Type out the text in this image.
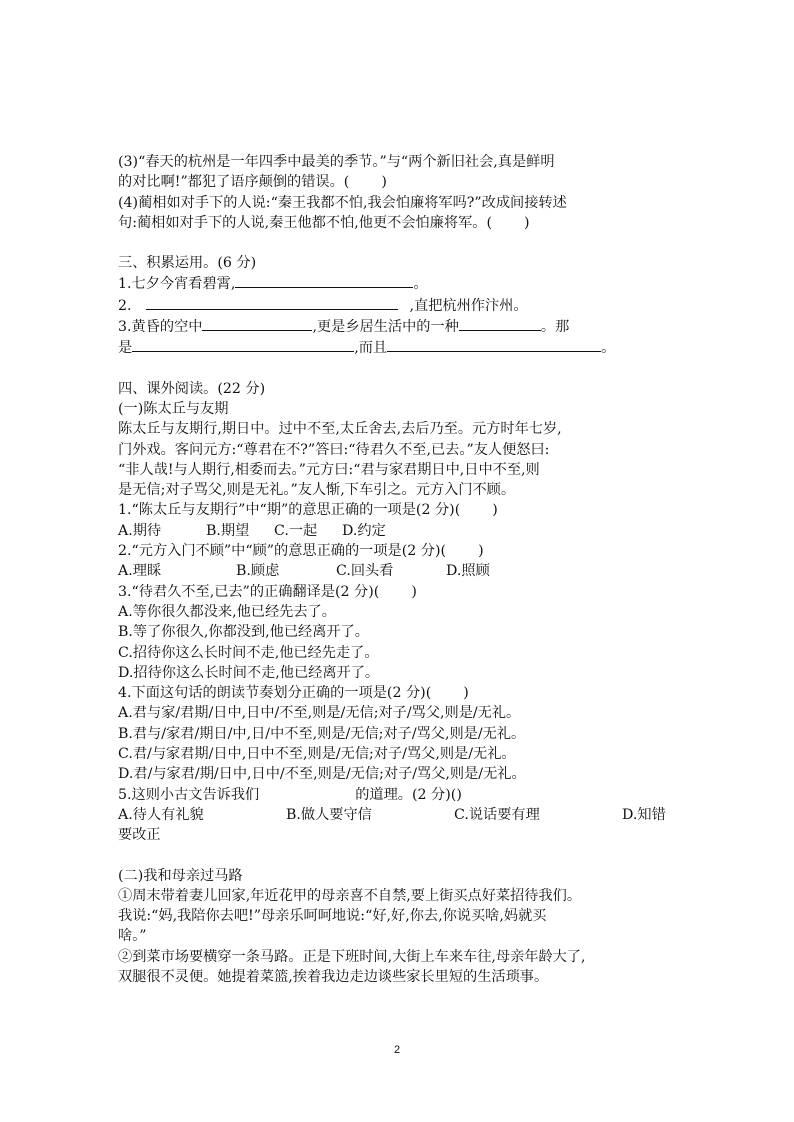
(3)“春天的杭州是一年四季中最美的季节。”与“两个新旧社会,真是鲜明
的对比啊!”都犯了语序颠倒的错误。( )
(4)蔺相如对手下的人说:“秦王我都不怕,我会怕廉将军吗?”改成间接转述
句:蔺相如对手下的人说,秦王他都不怕,他更不会怕廉将军。( )
三、积累运用。(6 分)
1.七夕今宵看碧霄,	。
2.	,直把杭州作汴州。
3.黄昏的空中	,更是乡居生活中的一种	。那
是	,而且	。
四、课外阅读。(22 分)
(一)陈太丘与友期
陈太丘与友期行,期日中。过中不至,太丘舍去,去后乃至。元方时年七岁,
门外戏。客问元方:“尊君在不?”答曰:“待君久不至,已去。”友人便怒曰:
“非人哉!与人期行,相委而去。”元方曰:“君与家君期日中,日中不至,则
是无信;对子骂父,则是无礼。”友人惭,下车引之。元方入门不顾。
1.“陈太丘与友期行”中“期”的意思正确的一项是(2 分)( )
A.期待	B.期望 C.一起 D.约定
2.“元方入门不顾”中“顾”的意思正确的一项是(2 分)( )
A.理睬	B.顾虑	C.回头看	D.照顾
3.“待君久不至,已去”的正确翻译是(2 分)( )
A.等你很久都没来,他已经先去了。
B.等了你很久,你都没到,他已经离开了。
C.招待你这么长时间不走,他已经先走了。
D.招待你这么长时间不走,他已经离开了。
4.下面这句话的朗读节奏划分正确的一项是(2 分)( )
A.君与家/君期/日中,日中/不至,则是/无信;对子/骂父,则是/无礼。
B.君与/家君/期日/中,日/中不至,则是/无信;对子/骂父,则是/无礼。
C.君/与家君期/日中,日中不至,则是/无信;对子/骂父,则是/无礼。
D.君/与家君/期/日中,日中/不至,则是/无信;对子/骂父,则是/无礼。
5.这则小古文告诉我们	的道理。(2 分)()
A.待人有礼貌	B.做人要守信	C.说话要有理	D.知错
要改正
(二)我和母亲过马路
①周末带着妻儿回家,年近花甲的母亲喜不自禁,要上街买点好菜招待我们。
我说:“妈,我陪你去吧!”母亲乐呵呵地说:“好,好,你去,你说买啥,妈就买
啥。”
②到菜市场要横穿一条马路。正是下班时间,大街上车来车往,母亲年龄大了,
双腿很不灵便。她提着菜篮,挨着我边走边谈些家长里短的生活琐事。
2
